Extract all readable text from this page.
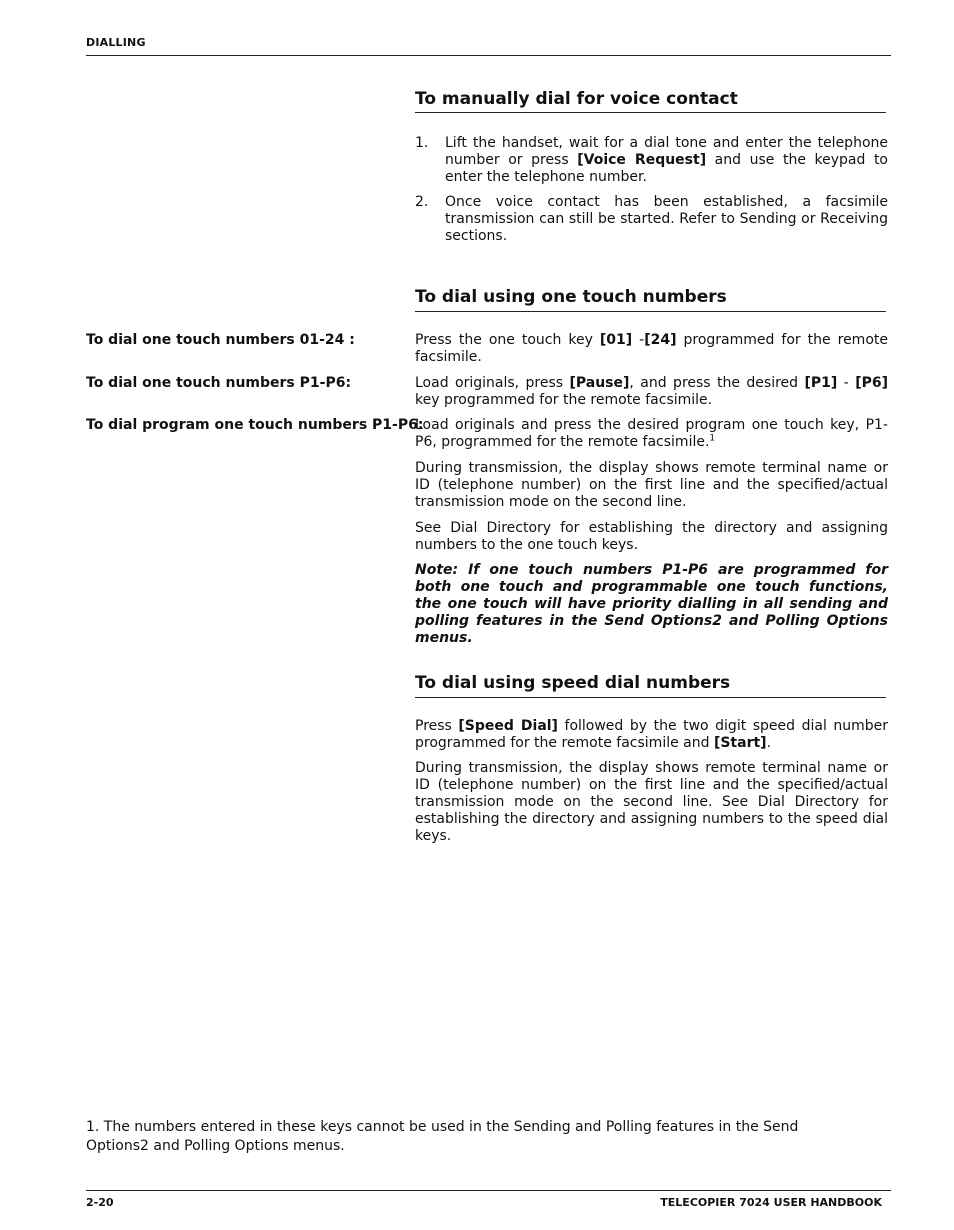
DIALLING
To manually dial for voice contact
1. Lift the handset, wait for a dial tone and enter the telephone number or press [Voice Request] and use the keypad to enter the telephone number.
2. Once voice contact has been established, a facsimile transmission can still be started. Refer to Sending or Receiving sections.
To dial using one touch numbers
To dial one touch numbers 01-24 :
To dial one touch numbers P1-P6:
To dial program one touch numbers P1-P6:
Press the one touch key [01] -[24] programmed for the remote facsimile.
Load originals, press [Pause], and press the desired [P1] - [P6] key programmed for the remote facsimile.
Load originals and press the desired program one touch key, P1-P6, programmed for the remote facsimile.$^1$
During transmission, the display shows remote terminal name or ID (telephone number) on the first line and the specified/actual transmission mode on the second line.
See Dial Directory for establishing the directory and assigning numbers to the one touch keys.
Note: If one touch numbers P1-P6 are programmed for both one touch and programmable one touch functions, the one touch will have priority dialling in all sending and polling features in the Send Options2 and Polling Options menus.
To dial using speed dial numbers
Press [Speed Dial] followed by the two digit speed dial number programmed for the remote facsimile and [Start].
During transmission, the display shows remote terminal name or ID (telephone number) on the first line and the specified/actual transmission mode on the second line. See Dial Directory for establishing the directory and assigning numbers to the speed dial keys.
1. The numbers entered in these keys cannot be used in the Sending and Polling features in the Send Options2 and Polling Options menus.
2-20	TELECOPIER 7024 USER HANDBOOK
